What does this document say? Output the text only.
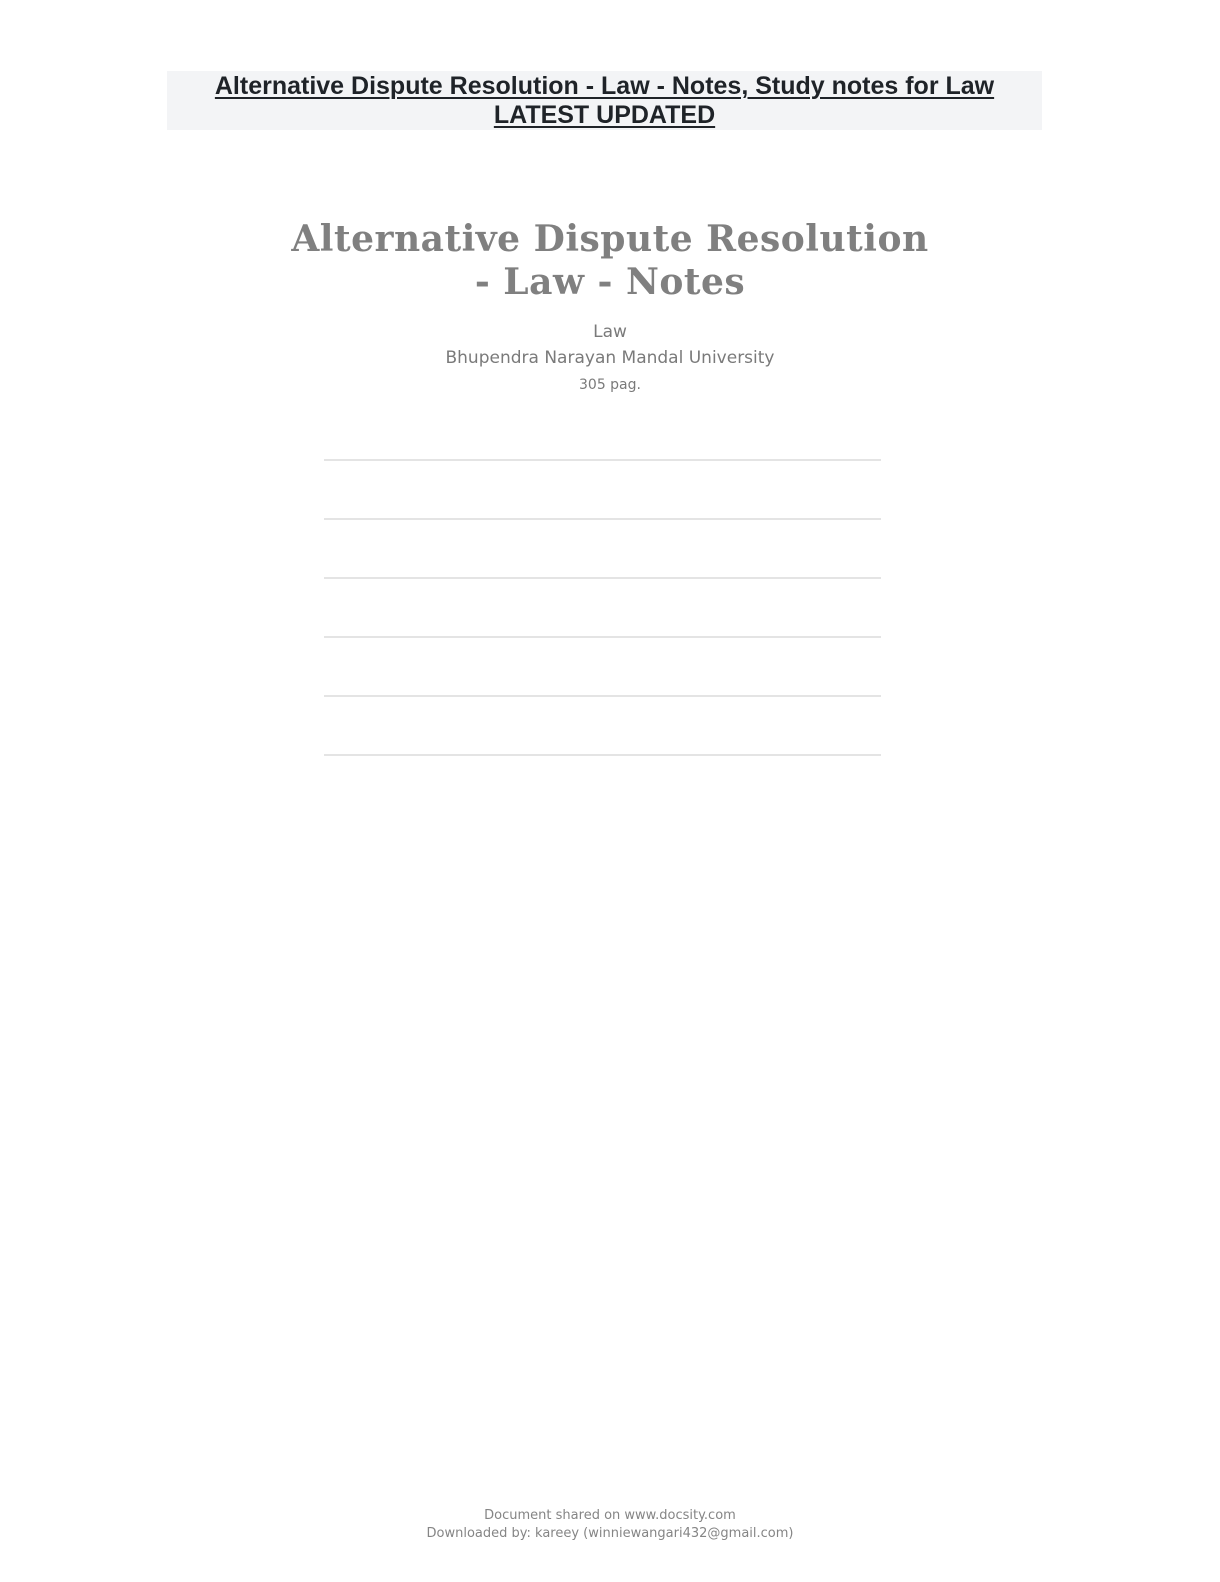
Alternative Dispute Resolution - Law - Notes, Study notes for Law
LATEST UPDATED
Alternative Dispute Resolution
- Law - Notes
Law
Bhupendra Narayan Mandal University
305 pag.
Document shared on www.docsity.com
Downloaded by: kareey (winniewangari432@gmail.com)
